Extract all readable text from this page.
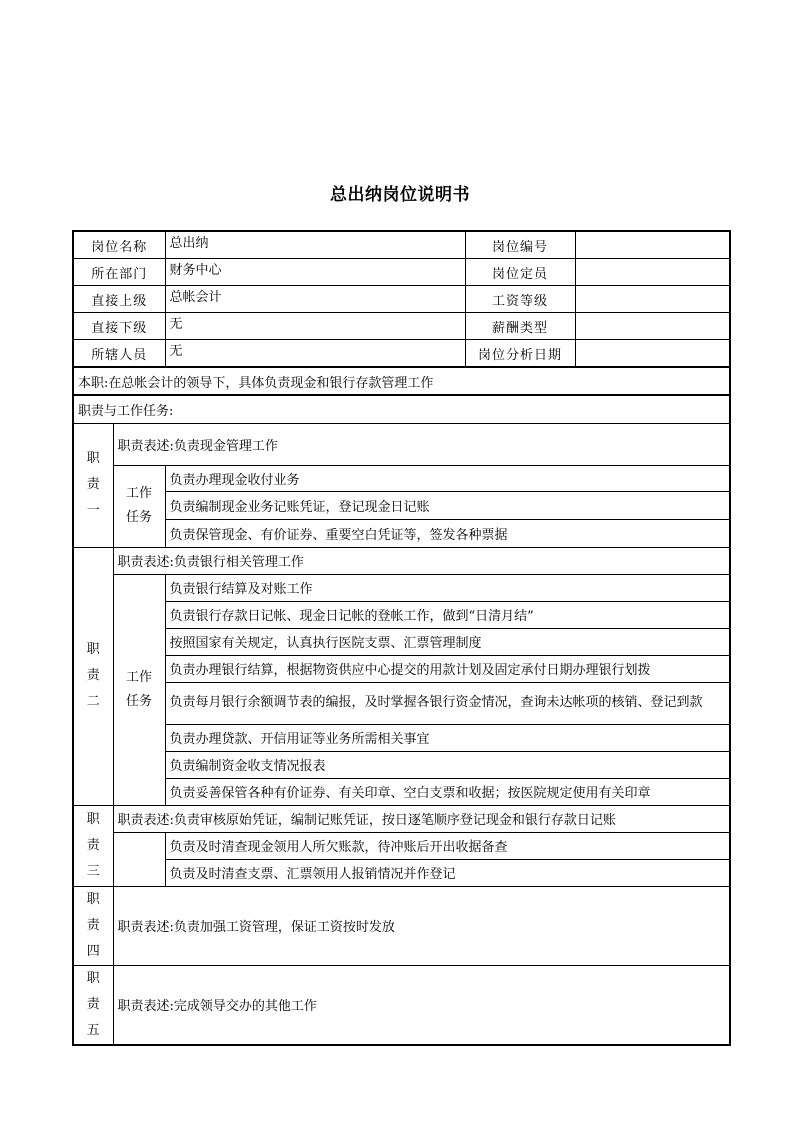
总出纳岗位说明书
岗位名称		总出纳	岗位编号	
所在部门		财务中心	岗位定员	
直接上级		总帐会计	工资等级	
直接下级		无	薪酬类型	
所辖人员		无	岗位分析日期	
本职:在总帐会计的领导下，具体负责现金和银行存款管理工作				
职责与工作任务:				
职责一	职责表述:负责现金管理工作			
	工作任务	负责办理现金收付业务		
		负责编制现金业务记账凭证，登记现金日记账		
		负责保管现金、有价证券、重要空白凭证等，签发各种票据		
职责二	职责表述:负责银行相关管理工作			
	工作任务	负责银行结算及对账工作		
		负责银行存款日记帐、现金日记帐的登帐工作，做到“日清月结”		
		按照国家有关规定，认真执行医院支票、汇票管理制度		
		负责办理银行结算，根据物资供应中心提交的用款计划及固定承付日期办理银行划拨		
		负责每月银行余额调节表的编报，及时掌握各银行资金情况，查询未达帐项的核销、登记到款		
		负责办理贷款、开信用证等业务所需相关事宜		
		负责编制资金收支情况报表		
		负责妥善保管各种有价证券、有关印章、空白支票和收据；按医院规定使用有关印章		
职责三	职责表述:负责审核原始凭证，编制记账凭证，按日逐笔顺序登记现金和银行存款日记账			
		负责及时清查现金领用人所欠账款，待冲账后开出收据备查		
		负责及时清查支票、汇票领用人报销情况并作登记		
职责四	职责表述:负责加强工资管理，保证工资按时发放			
职责五	职责表述:完成领导交办的其他工作			
